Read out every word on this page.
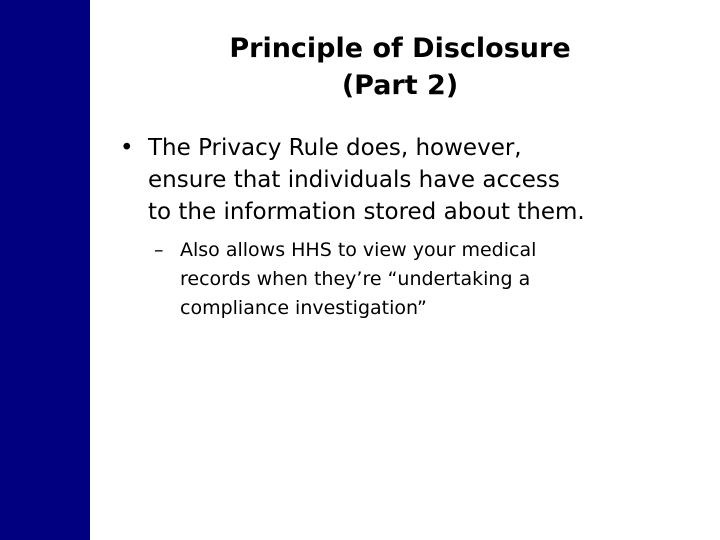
Principle of Disclosure
(Part 2)
• The Privacy Rule does, however,
ensure that individuals have access
to the information stored about them.
– Also allows HHS to view your medical
records when they’re “undertaking a
compliance investigation”
